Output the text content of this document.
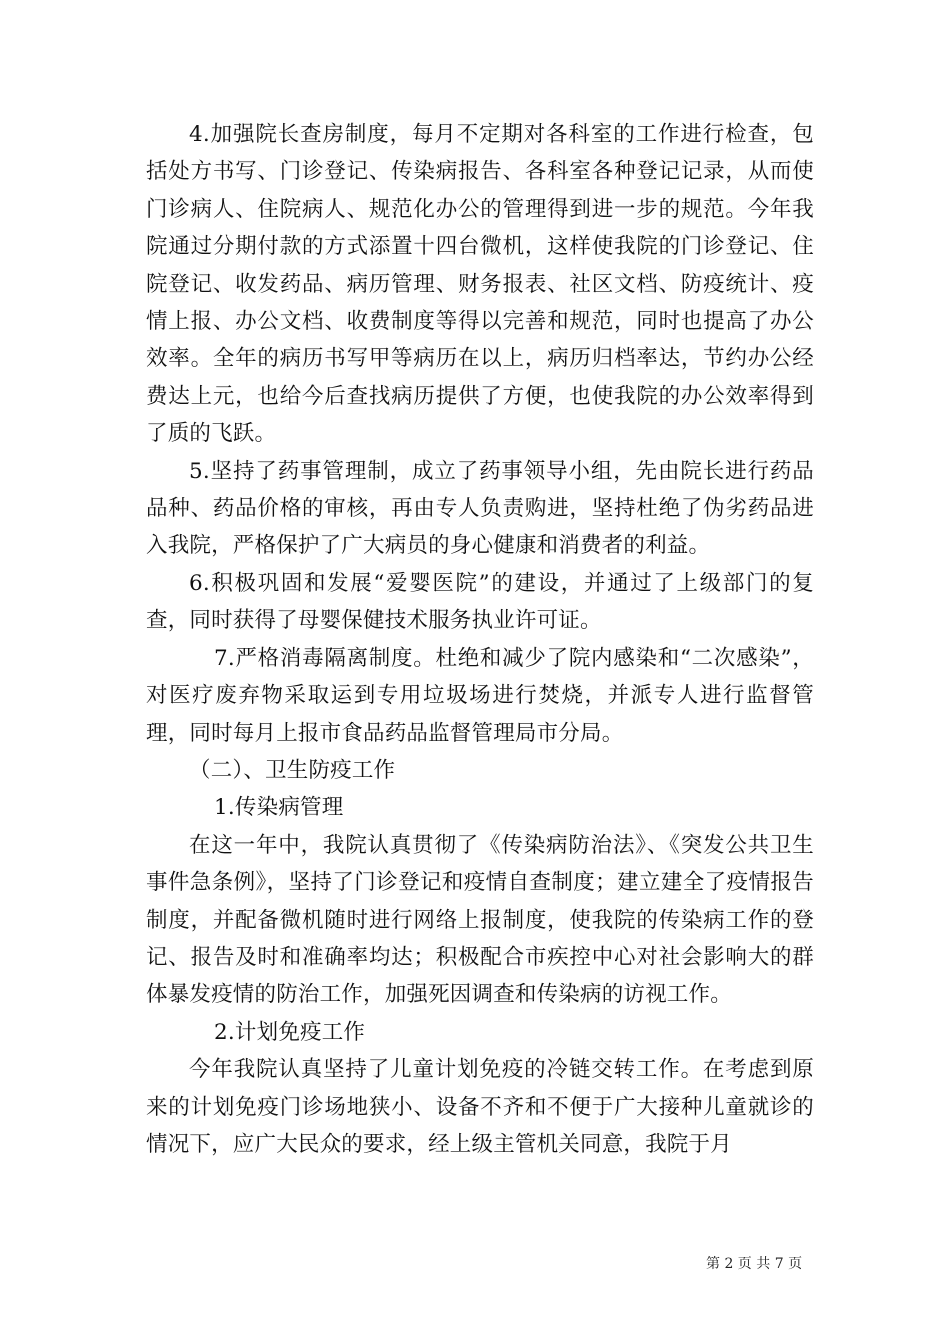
4.加强院长查房制度，每月不定期对各科室的工作进行检查，包括处方书写、门诊登记、传染病报告、各科室各种登记记录，从而使门诊病人、住院病人、规范化办公的管理得到进一步的规范。今年我院通过分期付款的方式添置十四台微机，这样使我院的门诊登记、住院登记、收发药品、病历管理、财务报表、社区文档、防疫统计、疫情上报、办公文档、收费制度等得以完善和规范，同时也提高了办公效率。全年的病历书写甲等病历在以上，病历归档率达，节约办公经费达上元，也给今后查找病历提供了方便，也使我院的办公效率得到了质的飞跃。

5.坚持了药事管理制，成立了药事领导小组，先由院长进行药品品种、药品价格的审核，再由专人负责购进，坚持杜绝了伪劣药品进入我院，严格保护了广大病员的身心健康和消费者的利益。

6.积极巩固和发展“爱婴医院”的建设，并通过了上级部门的复查，同时获得了母婴保健技术服务执业许可证。

7.严格消毒隔离制度。杜绝和减少了院内感染和“二次感染”，对医疗废弃物采取运到专用垃圾场进行焚烧，并派专人进行监督管理，同时每月上报市食品药品监督管理局市分局。

（二）、卫生防疫工作

1.传染病管理

在这一年中，我院认真贯彻了《传染病防治法》、《突发公共卫生事件急条例》，坚持了门诊登记和疫情自查制度；建立建全了疫情报告制度，并配备微机随时进行网络上报制度，使我院的传染病工作的登记、报告及时和准确率均达；积极配合市疾控中心对社会影响大的群体暴发疫情的防治工作，加强死因调查和传染病的访视工作。

2.计划免疫工作

今年我院认真坚持了儿童计划免疫的冷链交转工作。在考虑到原来的计划免疫门诊场地狭小、设备不齐和不便于广大接种儿童就诊的情况下，应广大民众的要求，经上级主管机关同意，我院于月

第 2 页 共 7 页
